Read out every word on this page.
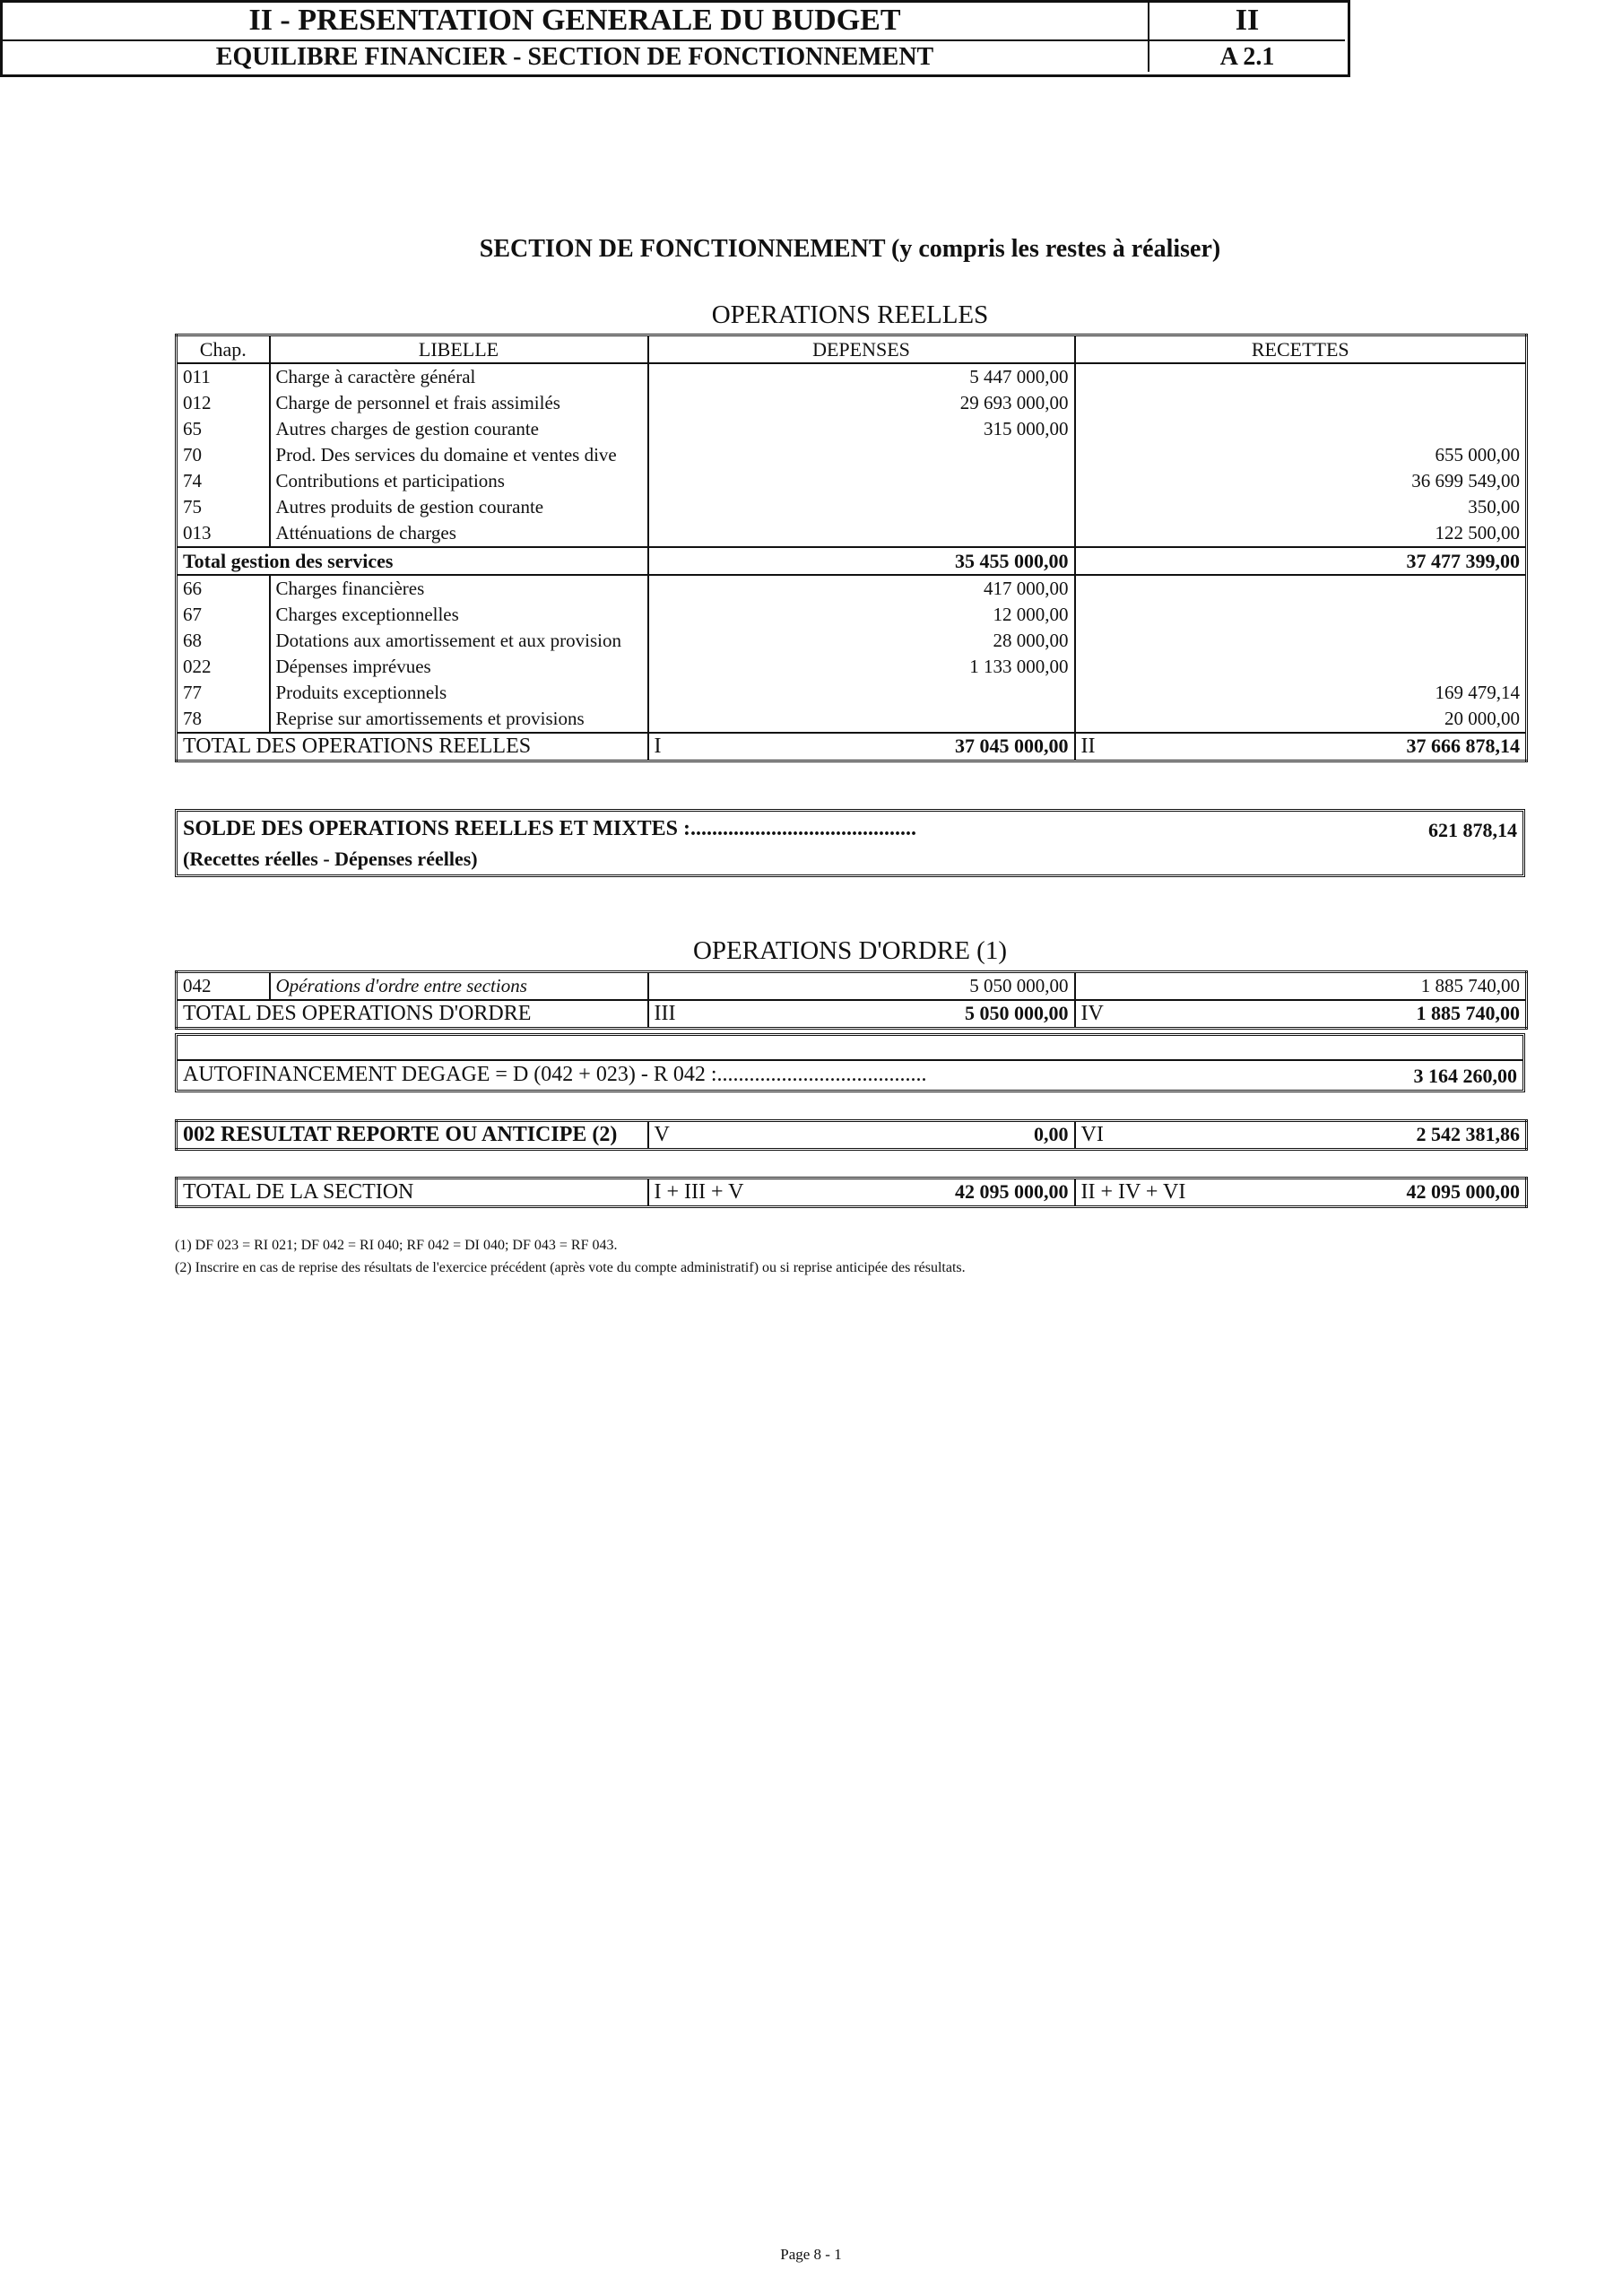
II - PRESENTATION GENERALE DU BUDGET
EQUILIBRE FINANCIER - SECTION DE FONCTIONNEMENT
II
A 2.1
SECTION DE FONCTIONNEMENT (y compris les restes à réaliser)
OPERATIONS REELLES
Chap.	LIBELLE	DEPENSES	RECETTES
011	Charge à caractère général	5 447 000,00	
012	Charge de personnel et frais assimilés	29 693 000,00	
65	Autres charges de gestion courante	315 000,00	
70	Prod. Des services du domaine et ventes dive		655 000,00
74	Contributions et participations		36 699 549,00
75	Autres produits de gestion courante		350,00
013	Atténuations de charges		122 500,00
Total gestion des services		35 455 000,00	37 477 399,00
66	Charges financières	417 000,00	
67	Charges exceptionnelles	12 000,00	
68	Dotations aux amortissement et aux provision	28 000,00	
022	Dépenses imprévues	1 133 000,00	
77	Produits exceptionnels		169 479,14
78	Reprise sur amortissements et provisions		20 000,00
TOTAL DES OPERATIONS REELLES		I 37 045 000,00	II 37 666 878,14
SOLDE DES OPERATIONS REELLES ET MIXTES :..........................................
(Recettes réelles - Dépenses réelles)
621 878,14
OPERATIONS D'ORDRE (1)
042	Opérations d'ordre entre sections	5 050 000,00	1 885 740,00
TOTAL DES OPERATIONS D'ORDRE		III 5 050 000,00	IV 1 885 740,00
AUTOFINANCEMENT DEGAGE = D (042 + 023) - R 042 :.......................................	3 164 260,00
002 RESULTAT REPORTE OU ANTICIPE (2)	V	0,00	VI	2 542 381,86
TOTAL DE LA SECTION	I + III + V	42 095 000,00	II + IV + VI	42 095 000,00
(1) DF 023 = RI 021; DF 042 = RI 040; RF 042 = DI 040; DF 043 = RF 043.
(2) Inscrire en cas de reprise des résultats de l'exercice précédent (après vote du compte administratif) ou si reprise anticipée des résultats.
Page 8 - 1
